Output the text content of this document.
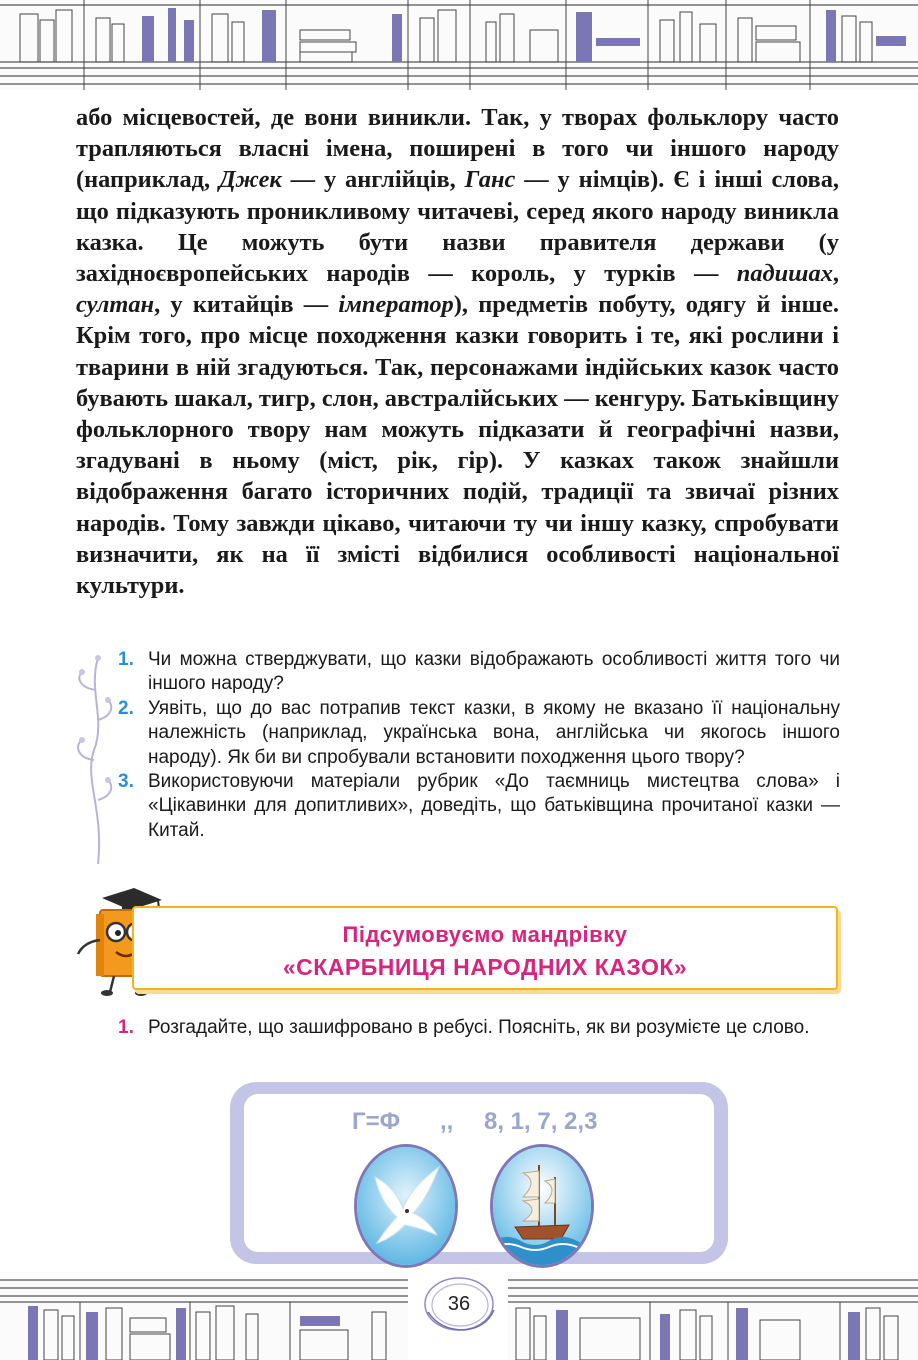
або місцевостей, де вони виникли. Так, у творах фольклору часто трапляються власні імена, поширені в того чи іншого народу (наприклад, Джек — у англійців, Ганс — у німців). Є і інші слова, що підказують проникливому читачеві, серед якого народу виникла казка. Це можуть бути назви правителя держави (у західноєвропейських народів — король, у турків — падишах, султан, у китайців — імператор), предметів побуту, одягу й інше. Крім того, про місце походження казки говорить і те, які рослини і тварини в ній згадуються. Так, персонажами індійських казок часто бувають шакал, тигр, слон, австралійських — кенгуру. Батьківщину фольклорного твору нам можуть підказати й географічні назви, згадувані в ньому (міст, рік, гір). У казках також знайшли відображення багато історичних подій, традиції та звичаї різних народів. Тому завжди цікаво, читаючи ту чи іншу казку, спробувати визначити, як на її змісті відбилися особливості національної культури.

1. Чи можна стверджувати, що казки відображають особливості життя того чи іншого народу?
2. Уявіть, що до вас потрапив текст казки, в якому не вказано її національну належність (наприклад, українська вона, англійська чи якогось іншого народу). Як би ви спробували встановити походження цього твору?
3. Використовуючи матеріали рубрик «До таємниць мистецтва слова» і «Цікавинки для допитливих», доведіть, що батьківщина прочитаної казки — Китай.
Підсумовуємо мандрівку
«СКАРБНИЦЯ НАРОДНИХ КАЗОК»
1. Розгадайте, що зашифровано в ребусі. Поясніть, як ви розумієте це слово.
Г=Ф ,, 8, 1, 7, 2,3
36
